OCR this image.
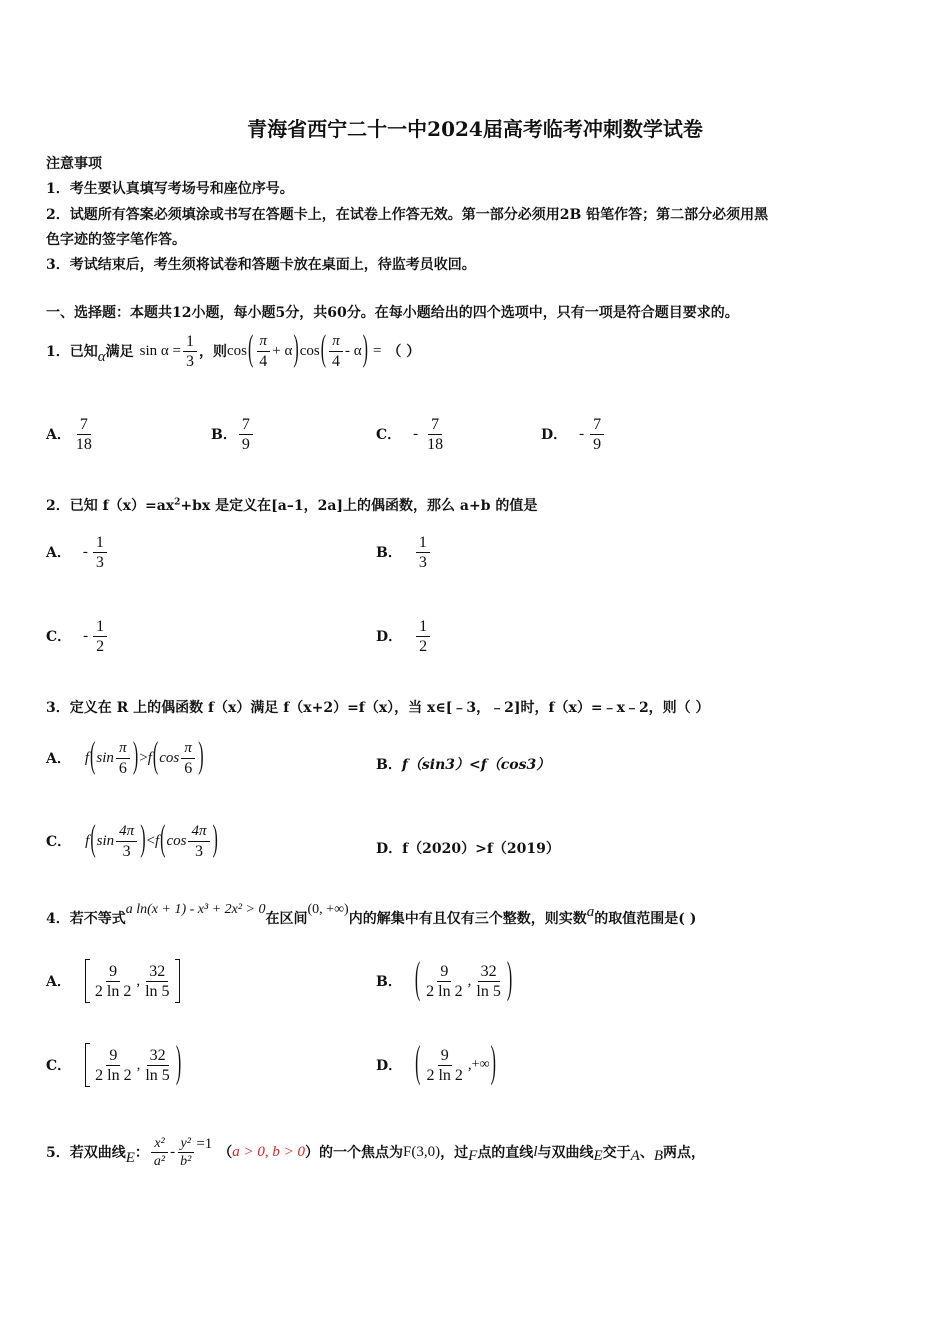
青海省西宁二十一中2024届高考临考冲刺数学试卷
注意事项
1．考生要认真填写考场号和座位序号。
2．试题所有答案必须填涂或书写在答题卡上，在试卷上作答无效。第一部分必须用2B 铅笔作答；第二部分必须用黑
色字迹的签字笔作答。
3．考试结束后，考生须将试卷和答题卡放在桌面上，待监考员收回。
一、选择题：本题共12小题，每小题5分，共60分。在每小题给出的四个选项中，只有一项是符合题目要求的。
1．已知 α 满足 $\sin \alpha = \frac{1}{3}$ ，则 cos ( $\frac{\pi}{4} + \alpha$ ) cos ( $\frac{\pi}{4}$ - α ) = （ ）
A． $\frac{7}{18}$	B． $\frac{7}{9}$	C． - $\frac{7}{18}$	D． - $\frac{7}{9}$
2．已知 $f(x)=ax^2+bx$ 是定义在[a–1，2a]上的偶函数，那么 a+b 的值是
A． - $\frac{1}{3}$	B． $\frac{1}{3}$
C． - $\frac{1}{2}$	D． $\frac{1}{2}$
3．定义在 R 上的偶函数 f（x）满足 f（x+2）=f（x），当 x∈[﹣3，﹣2]时，f（x）=﹣x﹣2，则（ ）
A． f ( $\sin \frac{\pi}{6}$ ) > f ( $\cos \frac{\pi}{6}$ )	B． f（sin3）<f（cos3）
C． f ( $\sin \frac{4\pi}{3}$ ) < f ( $\cos \frac{4\pi}{3}$ )	D． f（2020）>f（2019）
4．若不等式
a ln(x + 1) - x³ + 2x² > 0
在区间
(0, +∞)
内的解集中有且仅有三个整数，则实数 a 的取值范围是( )
A． $\frac{9}{2 \ln 2}$ , $\frac{32}{\ln 5}$	B． ( $\frac{9}{2 \ln 2}$ , $\frac{32}{\ln 5}$ )
C． $\frac{9}{2 \ln 2}$ , $\frac{32}{\ln 5}$ )	D． ( $\frac{9}{2 \ln 2}$ , +∞ )
5．若双曲线 E ： $\frac{\text{x²}}{\text{a²}} - \frac{\text{y²}}{\text{b²}} =1$
（ a > 0, b > 0 ）的一个焦点为 F(3,0) ，过 F 点的直线 l 与双曲线 E 交于 A 、 B 两点，
